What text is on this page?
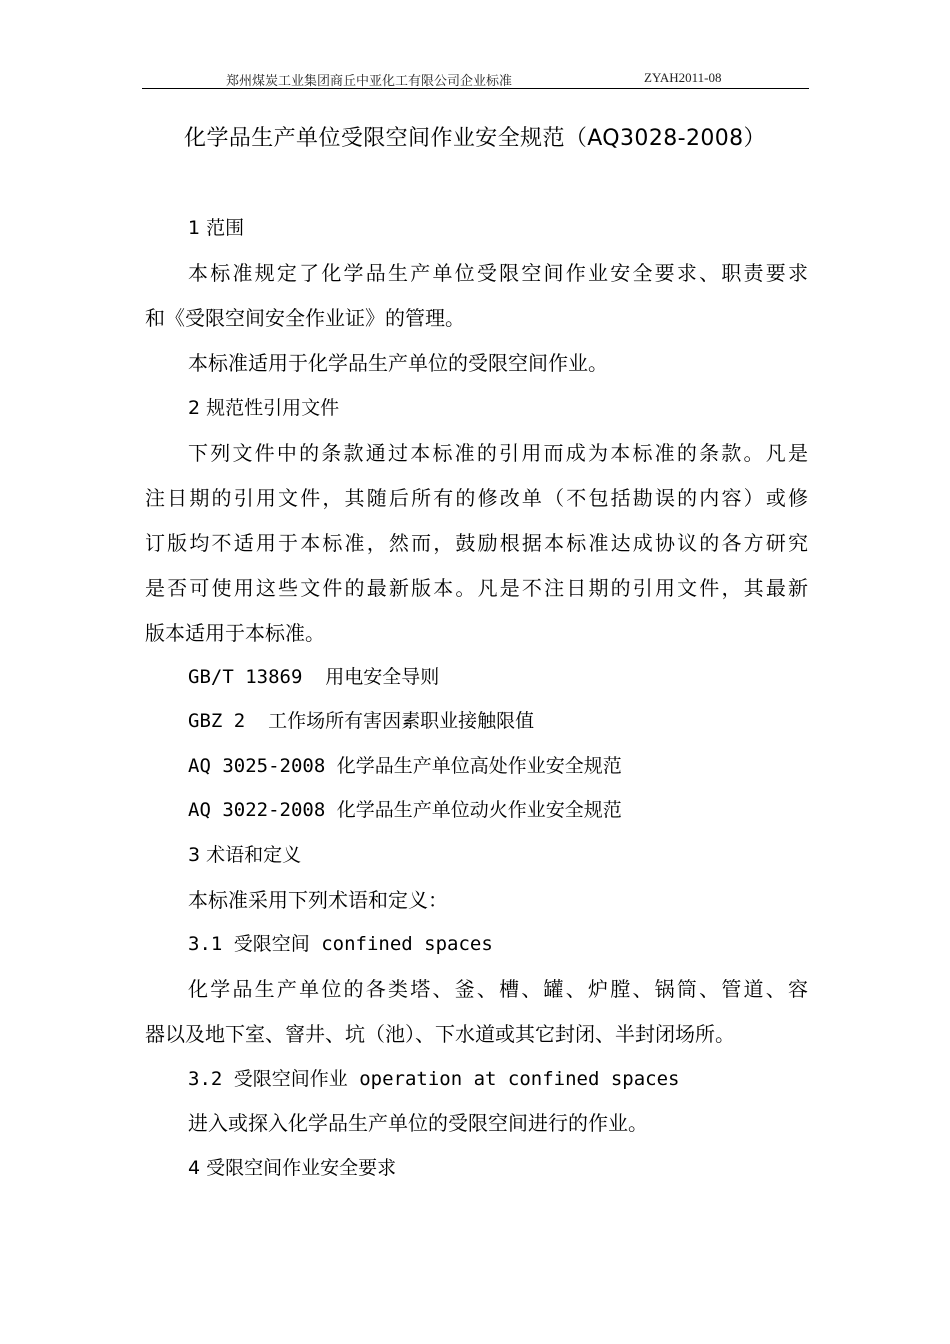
郑州煤炭工业集团商丘中亚化工有限公司企业标准	ZYAH2011-08
化学品生产单位受限空间作业安全规范（AQ3028-2008）
1 范围
本标准规定了化学品生产单位受限空间作业安全要求、职责要求
和《受限空间安全作业证》的管理。
本标准适用于化学品生产单位的受限空间作业。
2 规范性引用文件
下列文件中的条款通过本标准的引用而成为本标准的条款。凡是
注日期的引用文件，其随后所有的修改单（不包括勘误的内容）或修
订版均不适用于本标准，然而，鼓励根据本标准达成协议的各方研究
是否可使用这些文件的最新版本。凡是不注日期的引用文件，其最新
版本适用于本标准。
GB/T 13869  用电安全导则
GBZ 2  工作场所有害因素职业接触限值
AQ 3025-2008 化学品生产单位高处作业安全规范
AQ 3022-2008 化学品生产单位动火作业安全规范
3 术语和定义
本标准采用下列术语和定义：
3.1 受限空间 confined spaces
化学品生产单位的各类塔、釜、槽、罐、炉膛、锅筒、管道、容
器以及地下室、窨井、坑（池）、下水道或其它封闭、半封闭场所。
3.2 受限空间作业 operation at confined spaces
进入或探入化学品生产单位的受限空间进行的作业。
4 受限空间作业安全要求
